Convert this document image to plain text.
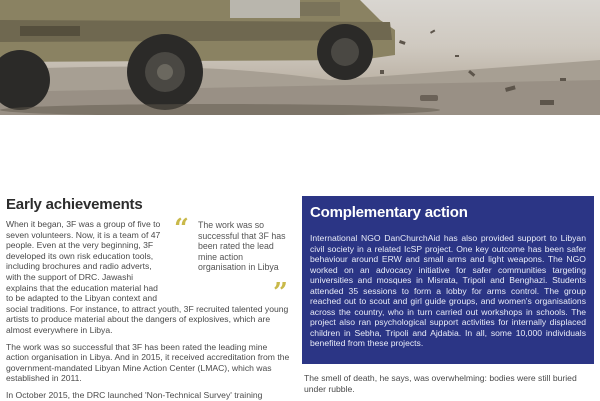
Early achievements

When it began, 3F was a group of five to

seven volunteers. Now, it is a team of 47

people. Even at the very beginning, 3F

developed its own risk education tools,

including brochures and radio adverts,

with the support of DRC. Jawashi

explains that the education material had

to be adapted to the Libyan context and

social traditions. For instance, to attract youth, 3F recruited talented young artists to produce material about the dangers of explosives, which are almost everywhere in Libya.

The work was so successful that 3F has been rated the leading mine action organisation in Libya. And in 2015, it received accreditation from the government-mandated Libyan Mine Action Center (LMAC), which was established in 2011.

In October 2015, the DRC launched 'Non-Technical Survey' training

“ The work was so successful that 3F has been rated the lead mine action organisation in Libya
”
Complementary action

International NGO DanChurchAid has also provided support to Libyan civil society in a related IcSP project. One key outcome has been safer behaviour around ERW and small arms and light weapons. The NGO worked on an advocacy initiative for safer communities targeting universities and mosques in Misrata, Tripoli and Benghazi. Students attended 35 sessions to form a lobby for arms control. The group reached out to scout and girl guide groups, and women's organisations across the country, who in turn carried out workshops in schools. The project also ran psychological support activities for internally displaced children in Sebha, Tripoli and Ajdabia. In all, some 10,000 individuals benefited from these projects.

The smell of death, he says, was overwhelming: bodies were still buried under rubble.
